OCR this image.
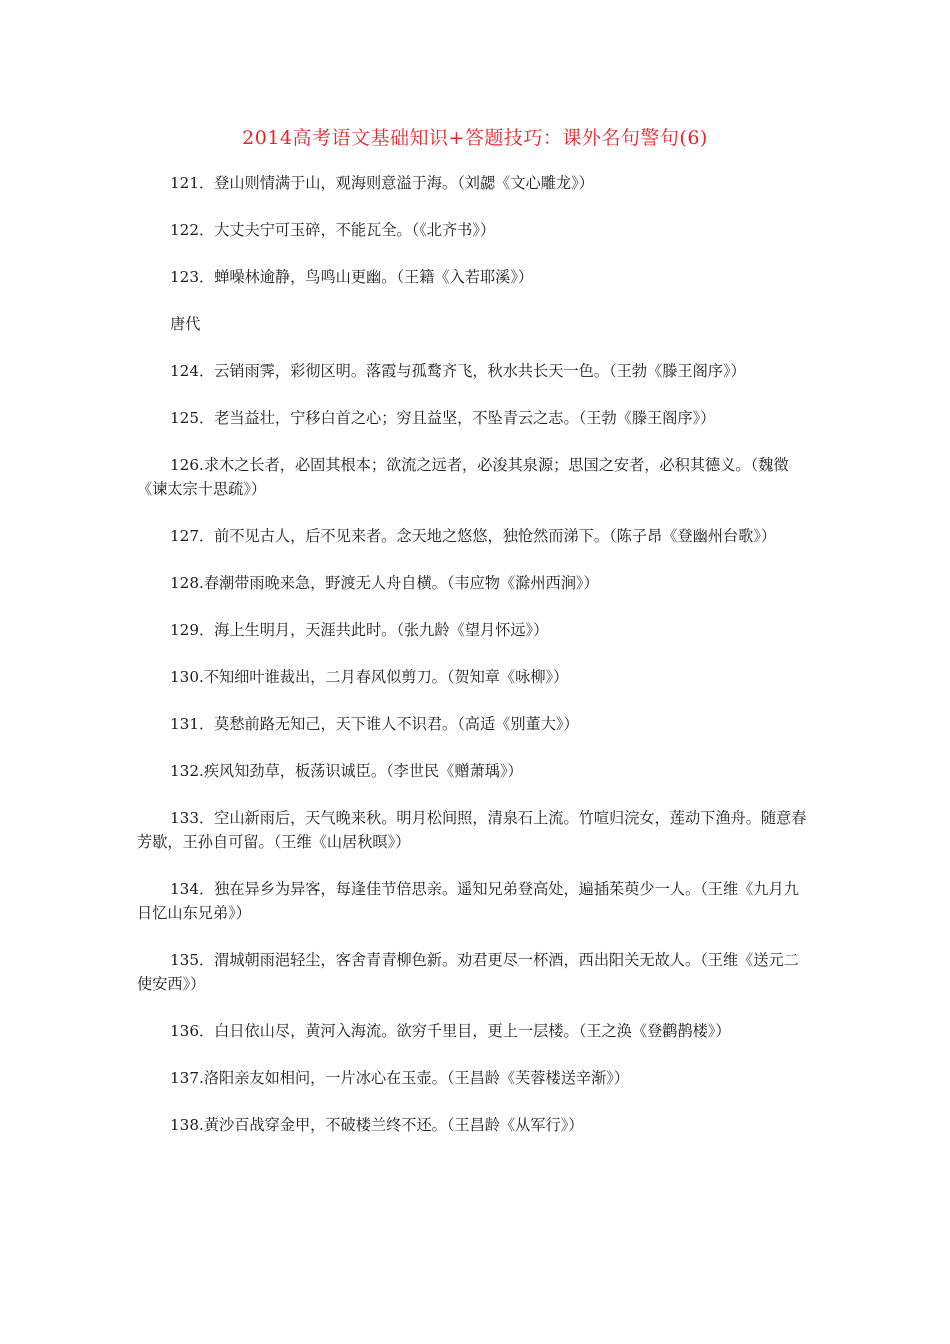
2014高考语文基础知识+答题技巧：课外名句警句(6)

121．登山则情满于山，观海则意溢于海。（刘勰《文心雕龙》）

122．大丈夫宁可玉碎，不能瓦全。（《北齐书》）

123．蝉噪林逾静，鸟鸣山更幽。（王籍《入若耶溪》）

唐代

124．云销雨霁，彩彻区明。落霞与孤鹜齐飞，秋水共长天一色。（王勃《滕王阁序》）

125．老当益壮，宁移白首之心；穷且益坚，不坠青云之志。（王勃《滕王阁序》）

126.求木之长者，必固其根本；欲流之远者，必浚其泉源；思国之安者，必积其德义。（魏徵《谏太宗十思疏》）

127．前不见古人，后不见来者。念天地之悠悠，独怆然而涕下。（陈子昂《登幽州台歌》）

128.春潮带雨晚来急，野渡无人舟自横。（韦应物《滁州西涧》）

129．海上生明月，天涯共此时。（张九龄《望月怀远》）

130.不知细叶谁裁出，二月春风似剪刀。（贺知章《咏柳》）

131．莫愁前路无知己，天下谁人不识君。（高适《别董大》）

132.疾风知劲草，板荡识诚臣。（李世民《赠萧瑀》）

133．空山新雨后，天气晚来秋。明月松间照，清泉石上流。竹喧归浣女，莲动下渔舟。随意春芳歇，王孙自可留。（王维《山居秋暝》）

134．独在异乡为异客，每逢佳节倍思亲。遥知兄弟登高处，遍插茱萸少一人。（王维《九月九日忆山东兄弟》）

135．渭城朝雨浥轻尘，客舍青青柳色新。劝君更尽一杯酒，西出阳关无故人。（王维《送元二使安西》）

136．白日依山尽，黄河入海流。欲穷千里目，更上一层楼。（王之涣《登鹳鹊楼》）

137.洛阳亲友如相问，一片冰心在玉壶。（王昌龄《芙蓉楼送辛渐》）

138.黄沙百战穿金甲，不破楼兰终不还。（王昌龄《从军行》）
